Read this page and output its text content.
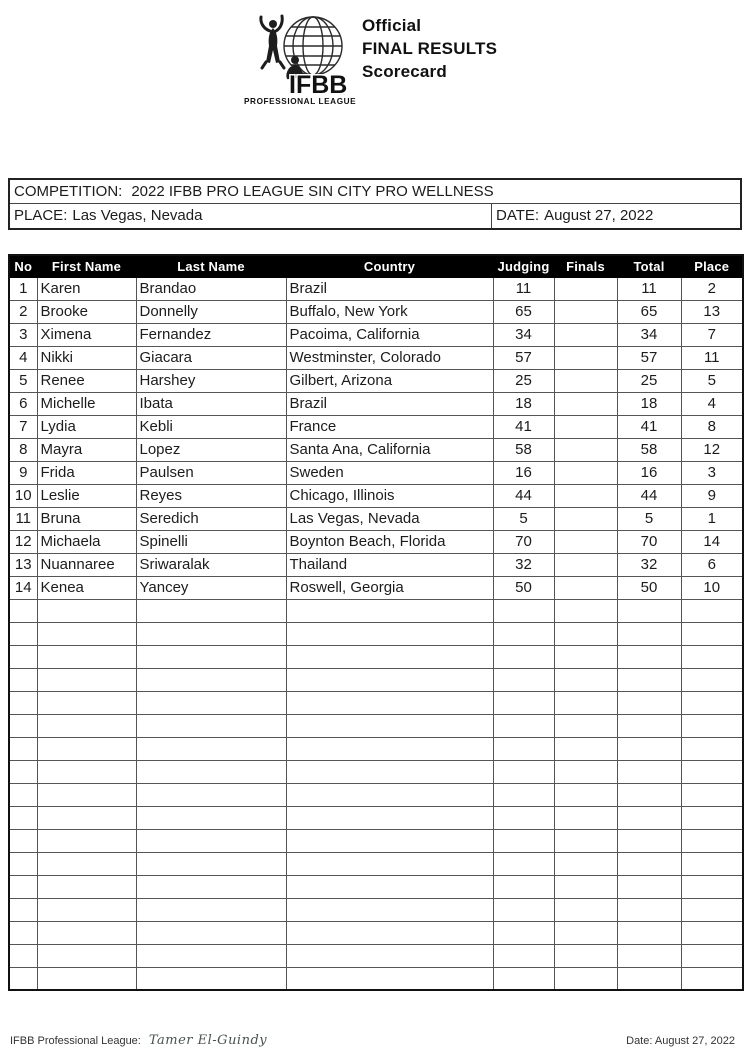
IFBB
PROFESSIONAL LEAGUE
Official
FINAL RESULTS
Scorecard
COMPETITION: 2022 IFBB PRO LEAGUE SIN CITY PRO WELLNESS
PLACE: Las Vegas, Nevada	DATE: August 27, 2022
No	First Name	Last Name	Country	Judging	Finals	Total	Place
1	Karen	Brandao	Brazil	11		11	2
2	Brooke	Donnelly	Buffalo, New York	65		65	13
3	Ximena	Fernandez	Pacoima, California	34		34	7
4	Nikki	Giacara	Westminster, Colorado	57		57	11
5	Renee	Harshey	Gilbert, Arizona	25		25	5
6	Michelle	Ibata	Brazil	18		18	4
7	Lydia	Kebli	France	41		41	8
8	Mayra	Lopez	Santa Ana, California	58		58	12
9	Frida	Paulsen	Sweden	16		16	3
10	Leslie	Reyes	Chicago, Illinois	44		44	9
11	Bruna	Seredich	Las Vegas, Nevada	5		5	1
12	Michaela	Spinelli	Boynton Beach, Florida	70		70	14
13	Nuannaree	Sriwaralak	Thailand	32		32	6
14	Kenea	Yancey	Roswell, Georgia	50		50	10

IFBB Professional League: Tamer El-Guindy	Date: August 27, 2022
